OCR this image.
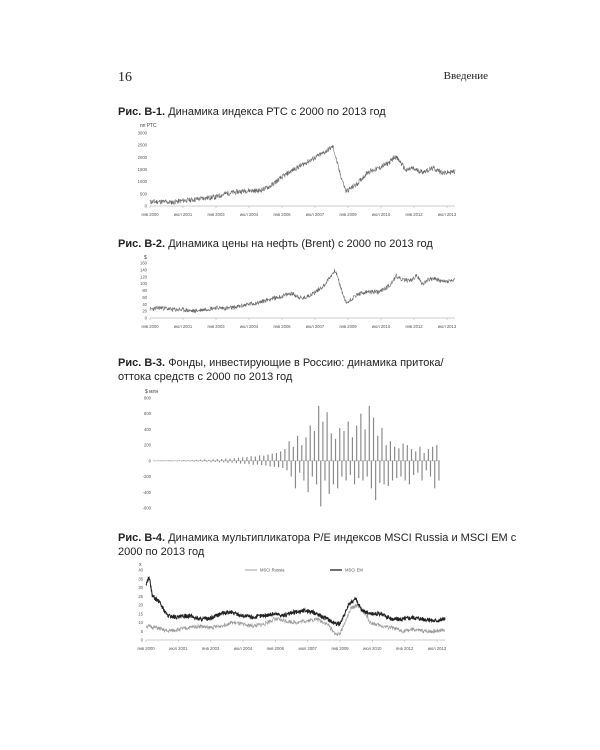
16	Введение
Рис. B-1. Динамика индекса РТС с 2000 по 2013 год
Рис. B-2. Динамика цены на нефть (Brent) с 2000 по 2013 год
Рис. B-3. Фонды, инвестирующие в Россию: динамика притока/оттока средств с 2000 по 2013 год
Рис. B-4. Динамика мультипликатора P/E индексов MSCI Russia и MSCI EM с 2000 по 2013 год
пп РТС
0
500
1000
1500
2000
2500
3000
янв 2000	июл 2001	янв 2003	июл 2004	янв 2006	июл 2007	янв 2009	июл 2010	янв 2012	июл 2013
$
0
20
40
60
80
100
120
140
160
янв 2000	июл 2001	янв 2003	июл 2004	янв 2006	июл 2007	янв 2009	июл 2010	янв 2012	июл 2013
$ млн
-600
-400
-200
0
200
400
600
800
x
0
5
10
15
20
25
30
35
40
янв 2000	июл 2001	янв 2003	июл 2004	янв 2006	июл 2007	янв 2009	июл 2010	янв 2012	июл 2013
MSCI Russia	MSCI EM
